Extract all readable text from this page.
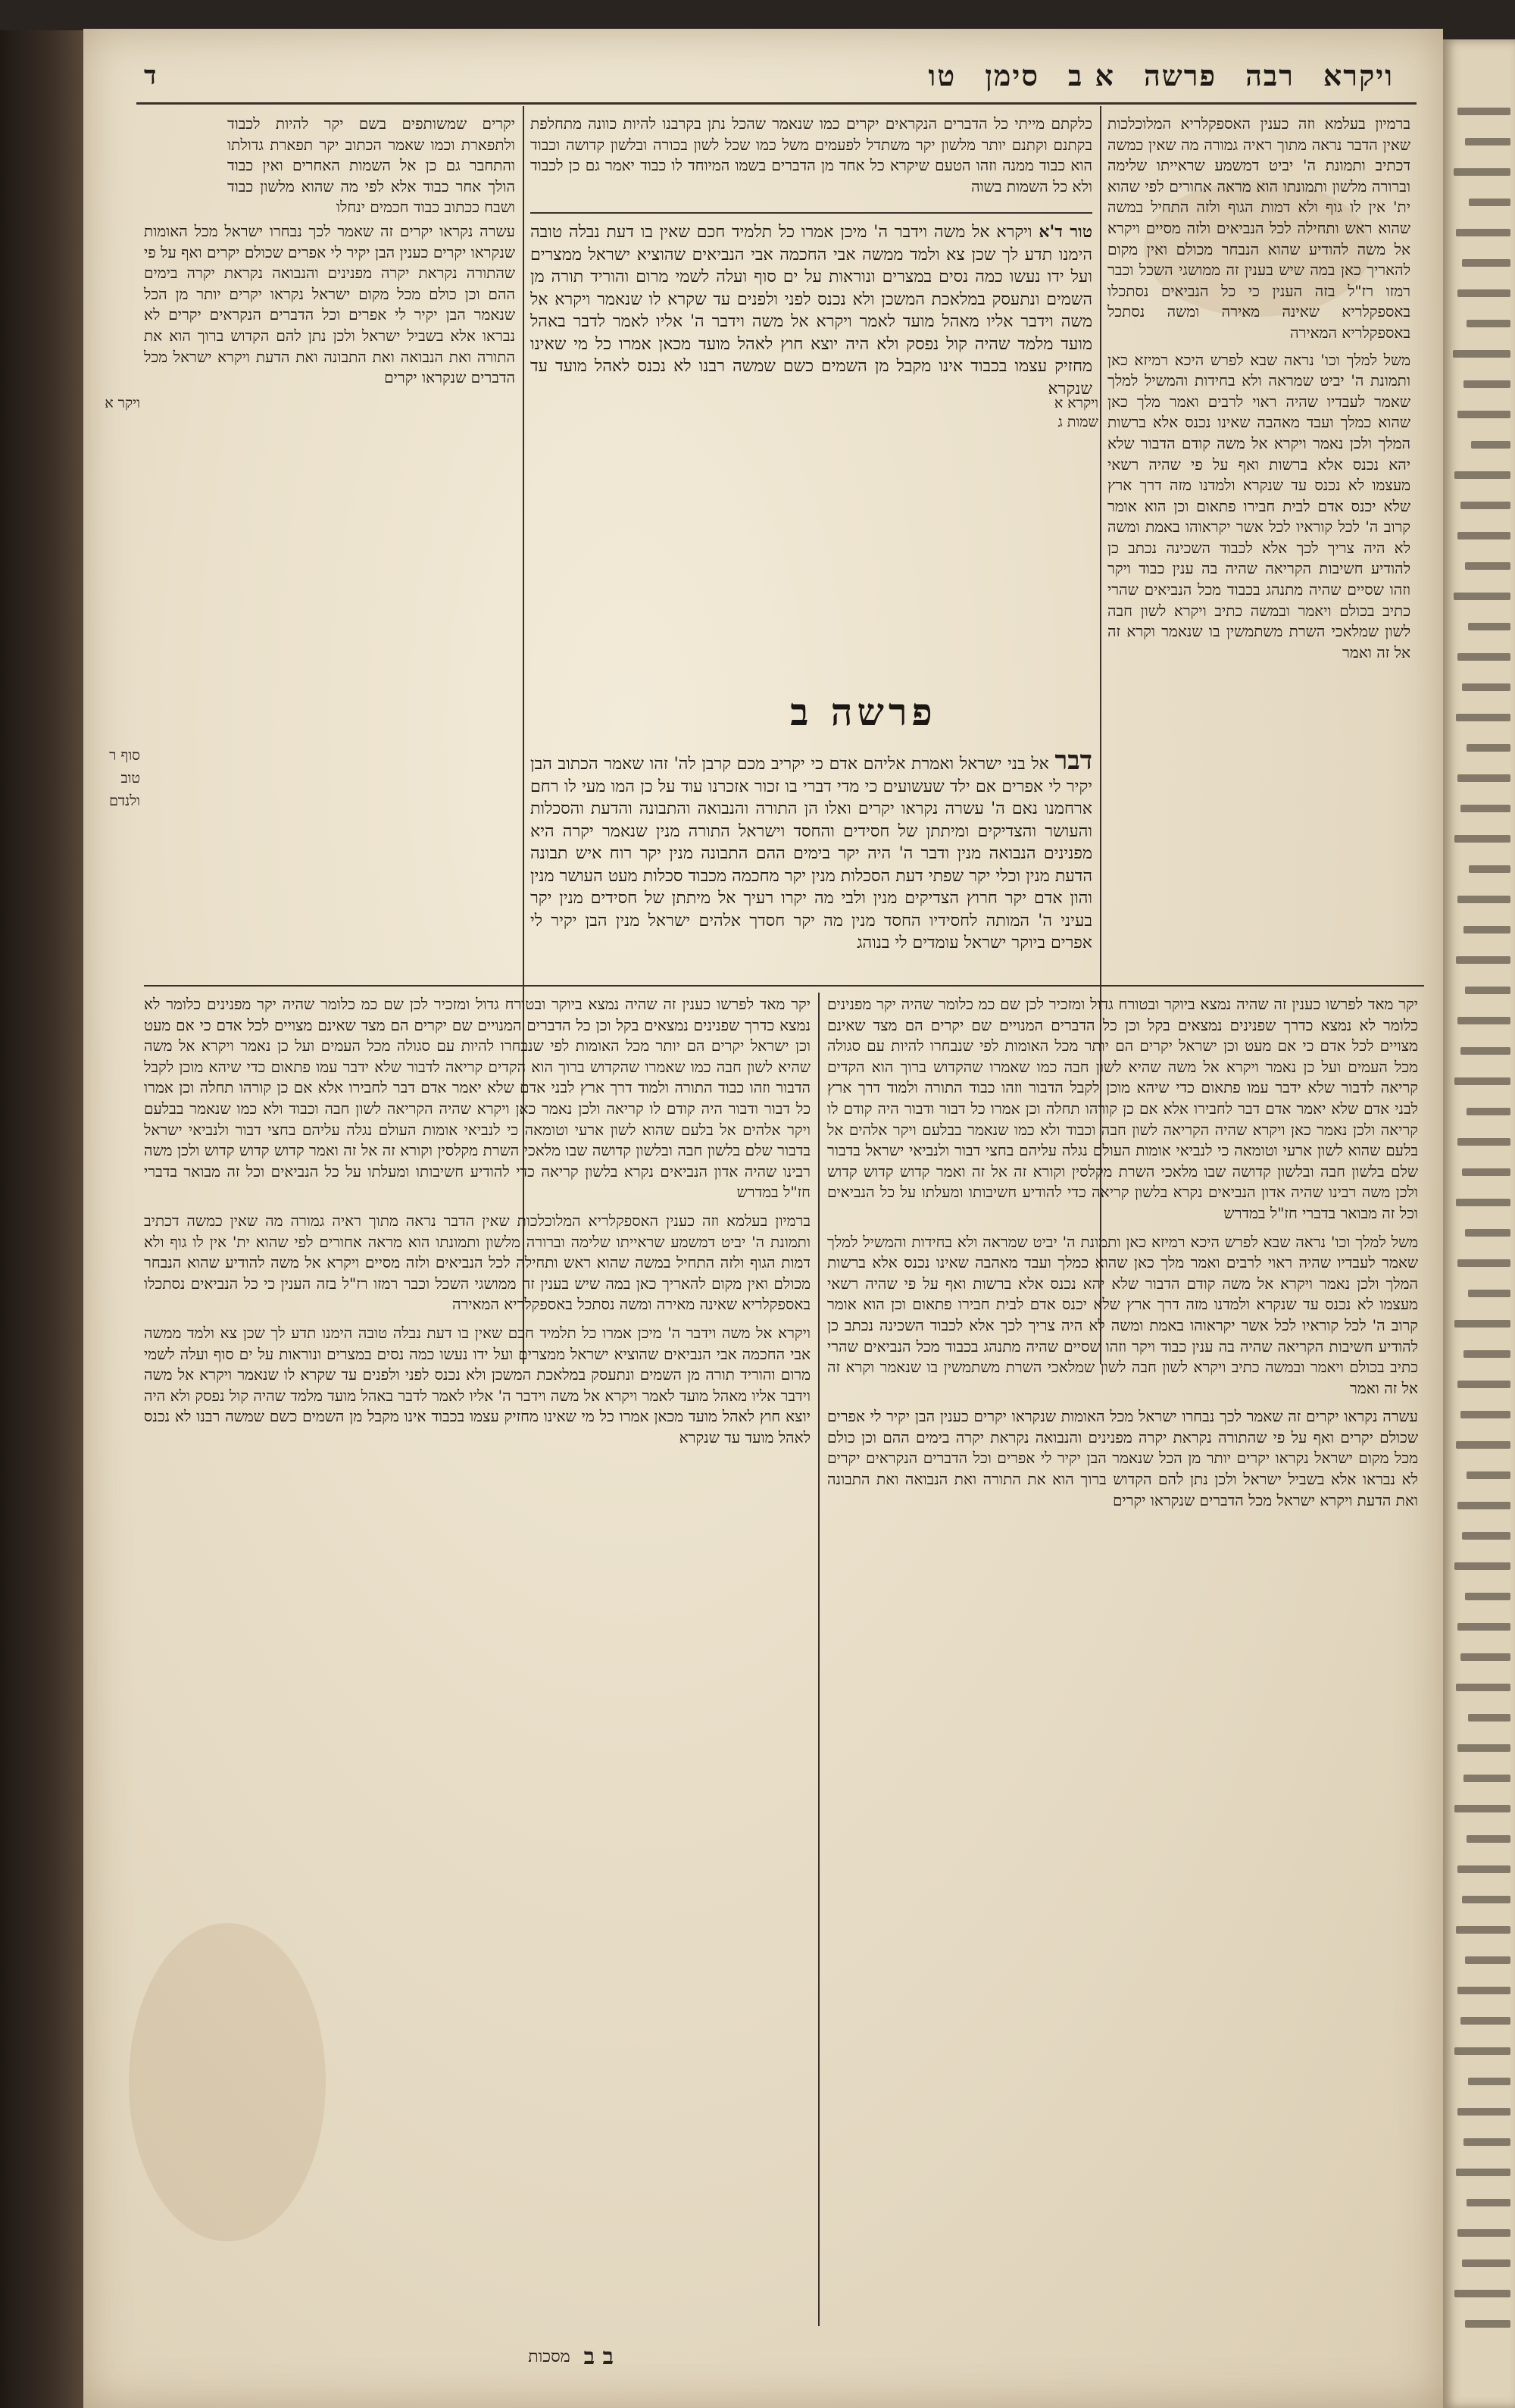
ויקרא
רבה
פרשה
א ב
סימן
טו
ד

ברמיון בעלמא וזה כענין האספקלריא המלוכלכות שאין הדבר נראה מתוך ראיה גמורה מה שאין כמשה דכתיב ותמונת ה' יביט דמשמע שראייתו שלימה וברורה מלשון ותמונתו הוא מראה אחורים לפי שהוא ית' אין לו גוף ולא דמות הגוף ולזה התחיל במשה שהוא ראש ותחילה לכל הנביאים ולזה מסיים ויקרא אל משה להודיע שהוא הנבחר מכולם ואין מקום להאריך כאן במה שיש בענין זה ממושגי השכל וכבר רמזו רז"ל בזה הענין כי כל הנביאים נסתכלו באספקלריא שאינה מאירה ומשה נסתכל באספקלריא המאירה

משל למלך וכו' נראה שבא לפרש היכא רמיזא כאן ותמונת ה' יביט שמראה ולא בחידות והמשיל למלך שאמר לעבדיו שהיה ראוי לרבים ואמר מלך כאן שהוא כמלך ועבד מאהבה שאינו נכנס אלא ברשות המלך ולכן נאמר ויקרא אל משה קודם הדבור שלא יהא נכנס אלא ברשות ואף על פי שהיה רשאי מעצמו לא נכנס עד שנקרא ולמדנו מזה דרך ארץ שלא יכנס אדם לבית חבירו פתאום וכן הוא אומר קרוב ה' לכל קוראיו לכל אשר יקראוהו באמת ומשה לא היה צריך לכך אלא לכבוד השכינה נכתב כן להודיע חשיבות הקריאה שהיה בה ענין כבוד ויקר וזהו שסיים שהיה מתנהג בכבוד מכל הנביאים שהרי כתיב בכולם ויאמר ובמשה כתיב ויקרא לשון חבה לשון שמלאכי השרת משתמשין בו שנאמר וקרא זה אל זה ואמר

כלקתם מייתי כל הדברים הנקראים יקרים כמו שנאמר שהכל נתן בקרבנו להיות כוונה מתחלפת בקתנם וקתנם יותר מלשון יקר משתדל לפעמים משל כמו שכל לשון בכורה ובלשון קדושה וכבוד הוא כבוד ממנה וזהו הטעם שיקרא כל אחד מן הדברים בשמו המיוחד לו כבוד יאמר גם כן לכבוד ולא כל השמות בשוה

יקרים שמשותפים בשם יקר להיות לכבוד ולתפארת וכמו שאמר הכתוב יקר תפארת גדולתו והתחבר גם כן אל השמות האחרים ואין כבוד הולך אחר כבוד אלא לפי מה שהוא מלשון כבוד ושבח ככתוב כבוד חכמים ינחלו

טור ד'א ויקרא אל משה וידבר ה' מיכן אמרו כל תלמיד חכם שאין בו דעת נבלה טובה הימנו תדע לך שכן צא ולמד ממשה אבי החכמה אבי הנביאים שהוציא ישראל ממצרים ועל ידו נעשו כמה נסים במצרים ונוראות על ים סוף ועלה לשמי מרום והוריד תורה מן השמים ונתעסק במלאכת המשכן ולא נכנס לפני ולפנים עד שקרא לו שנאמר ויקרא אל משה וידבר אליו מאהל מועד לאמר ויקרא אל משה וידבר ה' אליו לאמר לדבר באהל מועד מלמד שהיה קול נפסק ולא היה יוצא חוץ לאהל מועד מכאן אמרו כל מי שאינו מחזיק עצמו בכבוד אינו מקבל מן השמים כשם שמשה רבנו לא נכנס לאהל מועד עד שנקרא

עשרה נקראו יקרים זה שאמר לכך נבחרו ישראל מכל האומות שנקראו יקרים כענין הבן יקיר לי אפרים שכולם יקרים ואף על פי שהתורה נקראת יקרה מפנינים והנבואה נקראת יקרה בימים ההם וכן כולם מכל מקום ישראל נקראו יקרים יותר מן הכל שנאמר הבן יקיר לי אפרים וכל הדברים הנקראים יקרים לא נבראו אלא בשביל ישראל ולכן נתן להם הקדוש ברוך הוא את התורה ואת הנבואה ואת התבונה ואת הדעת ויקרא ישראל מכל הדברים שנקראו יקרים

ויקרא א שמות ג
ויקר א
סוף ר
טוב
ולנדם
פרשה ב

דבר אל בני ישראל ואמרת אליהם אדם כי יקריב מכם קרבן לה' זהו שאמר הכתוב הבן יקיר לי אפרים אם ילד שעשועים כי מדי דברי בו זכור אזכרנו עוד על כן המו מעי לו רחם ארחמנו נאם ה' עשרה נקראו יקרים ואלו הן התורה והנבואה והתבונה והדעת והסכלות והעושר והצדיקים ומיתתן של חסידים והחסד וישראל התורה מנין שנאמר יקרה היא מפנינים הנבואה מנין ודבר ה' היה יקר בימים ההם התבונה מנין יקר רוח איש תבונה הדעת מנין וכלי יקר שפתי דעת הסכלות מנין יקר מחכמה מכבוד סכלות מעט העושר מנין והון אדם יקר חרוץ הצדיקים מנין ולבי מה יקרו רעיך אל מיתתן של חסידים מנין יקר בעיני ה' המותה לחסידיו החסד מנין מה יקר חסדך אלהים ישראל מנין הבן יקיר לי אפרים ביוקר ישראל עומדים לי בנוהג

יקר מאד לפרשו כענין זה שהיה נמצא ביוקר ובטורח גדול ומזכיר לכן שם כמ כלומר שהיה יקר מפנינים כלומר לא נמצא כדרך שפנינים נמצאים בקל וכן כל הדברים המנויים שם יקרים הם מצד שאינם מצויים לכל אדם כי אם מעט וכן ישראל יקרים הם יותר מכל האומות לפי שנבחרו להיות עם סגולה מכל העמים ועל כן נאמר ויקרא אל משה שהיא לשון חבה כמו שאמרו שהקדוש ברוך הוא הקדים קריאה לדבור שלא ידבר עמו פתאום כדי שיהא מוכן לקבל הדבור וזהו כבוד התורה ולמוד דרך ארץ לבני אדם שלא יאמר אדם דבר לחבירו אלא אם כן קורהו תחלה וכן אמרו כל דבור ודבור היה קודם לו קריאה ולכן נאמר כאן ויקרא שהיה הקריאה לשון חבה וכבוד ולא כמו שנאמר בבלעם ויקר אלהים אל בלעם שהוא לשון ארעי וטומאה כי לנביאי אומות העולם נגלה עליהם בחצי דבור ולנביאי ישראל בדבור שלם בלשון חבה ובלשון קדושה שבו מלאכי השרת מקלסין וקורא זה אל זה ואמר קדוש קדוש קדוש ולכן משה רבינו שהיה אדון הנביאים נקרא בלשון קריאה כדי להודיע חשיבותו ומעלתו על כל הנביאים וכל זה מבואר בדברי חז"ל במדרש

משל למלך וכו' נראה שבא לפרש היכא רמיזא כאן ותמונת ה' יביט שמראה ולא בחידות והמשיל למלך שאמר לעבדיו שהיה ראוי לרבים ואמר מלך כאן שהוא כמלך ועבד מאהבה שאינו נכנס אלא ברשות המלך ולכן נאמר ויקרא אל משה קודם הדבור שלא יהא נכנס אלא ברשות ואף על פי שהיה רשאי מעצמו לא נכנס עד שנקרא ולמדנו מזה דרך ארץ שלא יכנס אדם לבית חבירו פתאום וכן הוא אומר קרוב ה' לכל קוראיו לכל אשר יקראוהו באמת ומשה לא היה צריך לכך אלא לכבוד השכינה נכתב כן להודיע חשיבות הקריאה שהיה בה ענין כבוד ויקר וזהו שסיים שהיה מתנהג בכבוד מכל הנביאים שהרי כתיב בכולם ויאמר ובמשה כתיב ויקרא לשון חבה לשון שמלאכי השרת משתמשין בו שנאמר וקרא זה אל זה ואמר

עשרה נקראו יקרים זה שאמר לכך נבחרו ישראל מכל האומות שנקראו יקרים כענין הבן יקיר לי אפרים שכולם יקרים ואף על פי שהתורה נקראת יקרה מפנינים והנבואה נקראת יקרה בימים ההם וכן כולם מכל מקום ישראל נקראו יקרים יותר מן הכל שנאמר הבן יקיר לי אפרים וכל הדברים הנקראים יקרים לא נבראו אלא בשביל ישראל ולכן נתן להם הקדוש ברוך הוא את התורה ואת הנבואה ואת התבונה ואת הדעת ויקרא ישראל מכל הדברים שנקראו יקרים

יקר מאד לפרשו כענין זה שהיה נמצא ביוקר ובטורח גדול ומזכיר לכן שם כמ כלומר שהיה יקר מפנינים כלומר לא נמצא כדרך שפנינים נמצאים בקל וכן כל הדברים המנויים שם יקרים הם מצד שאינם מצויים לכל אדם כי אם מעט וכן ישראל יקרים הם יותר מכל האומות לפי שנבחרו להיות עם סגולה מכל העמים ועל כן נאמר ויקרא אל משה שהיא לשון חבה כמו שאמרו שהקדוש ברוך הוא הקדים קריאה לדבור שלא ידבר עמו פתאום כדי שיהא מוכן לקבל הדבור וזהו כבוד התורה ולמוד דרך ארץ לבני אדם שלא יאמר אדם דבר לחבירו אלא אם כן קורהו תחלה וכן אמרו כל דבור ודבור היה קודם לו קריאה ולכן נאמר כאן ויקרא שהיה הקריאה לשון חבה וכבוד ולא כמו שנאמר בבלעם ויקר אלהים אל בלעם שהוא לשון ארעי וטומאה כי לנביאי אומות העולם נגלה עליהם בחצי דבור ולנביאי ישראל בדבור שלם בלשון חבה ובלשון קדושה שבו מלאכי השרת מקלסין וקורא זה אל זה ואמר קדוש קדוש קדוש ולכן משה רבינו שהיה אדון הנביאים נקרא בלשון קריאה כדי להודיע חשיבותו ומעלתו על כל הנביאים וכל זה מבואר בדברי חז"ל במדרש

ברמיון בעלמא וזה כענין האספקלריא המלוכלכות שאין הדבר נראה מתוך ראיה גמורה מה שאין כמשה דכתיב ותמונת ה' יביט דמשמע שראייתו שלימה וברורה מלשון ותמונתו הוא מראה אחורים לפי שהוא ית' אין לו גוף ולא דמות הגוף ולזה התחיל במשה שהוא ראש ותחילה לכל הנביאים ולזה מסיים ויקרא אל משה להודיע שהוא הנבחר מכולם ואין מקום להאריך כאן במה שיש בענין זה ממושגי השכל וכבר רמזו רז"ל בזה הענין כי כל הנביאים נסתכלו באספקלריא שאינה מאירה ומשה נסתכל באספקלריא המאירה

ויקרא אל משה וידבר ה' מיכן אמרו כל תלמיד חכם שאין בו דעת נבלה טובה הימנו תדע לך שכן צא ולמד ממשה אבי החכמה אבי הנביאים שהוציא ישראל ממצרים ועל ידו נעשו כמה נסים במצרים ונוראות על ים סוף ועלה לשמי מרום והוריד תורה מן השמים ונתעסק במלאכת המשכן ולא נכנס לפני ולפנים עד שקרא לו שנאמר ויקרא אל משה וידבר אליו מאהל מועד לאמר ויקרא אל משה וידבר ה' אליו לאמר לדבר באהל מועד מלמד שהיה קול נפסק ולא היה יוצא חוץ לאהל מועד מכאן אמרו כל מי שאינו מחזיק עצמו בכבוד אינו מקבל מן השמים כשם שמשה רבנו לא נכנס לאהל מועד עד שנקרא

ב ב
מסכות
